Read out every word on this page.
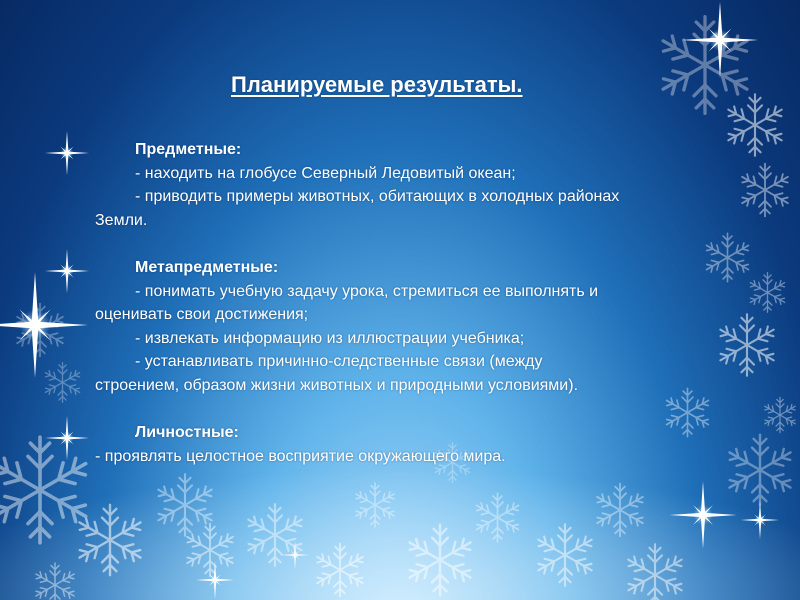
Планируемые результаты.

Предметные:

- находить на глобусе Северный Ледовитый океан;

- приводить примеры животных, обитающих в холодных районах

Земли.

Метапредметные:

- понимать учебную задачу урока, стремиться ее выполнять и

оценивать свои достижения;

- извлекать информацию из иллюстрации учебника;

- устанавливать причинно-следственные связи (между

строением, образом жизни животных и природными условиями).

Личностные:

- проявлять целостное восприятие окружающего мира.
